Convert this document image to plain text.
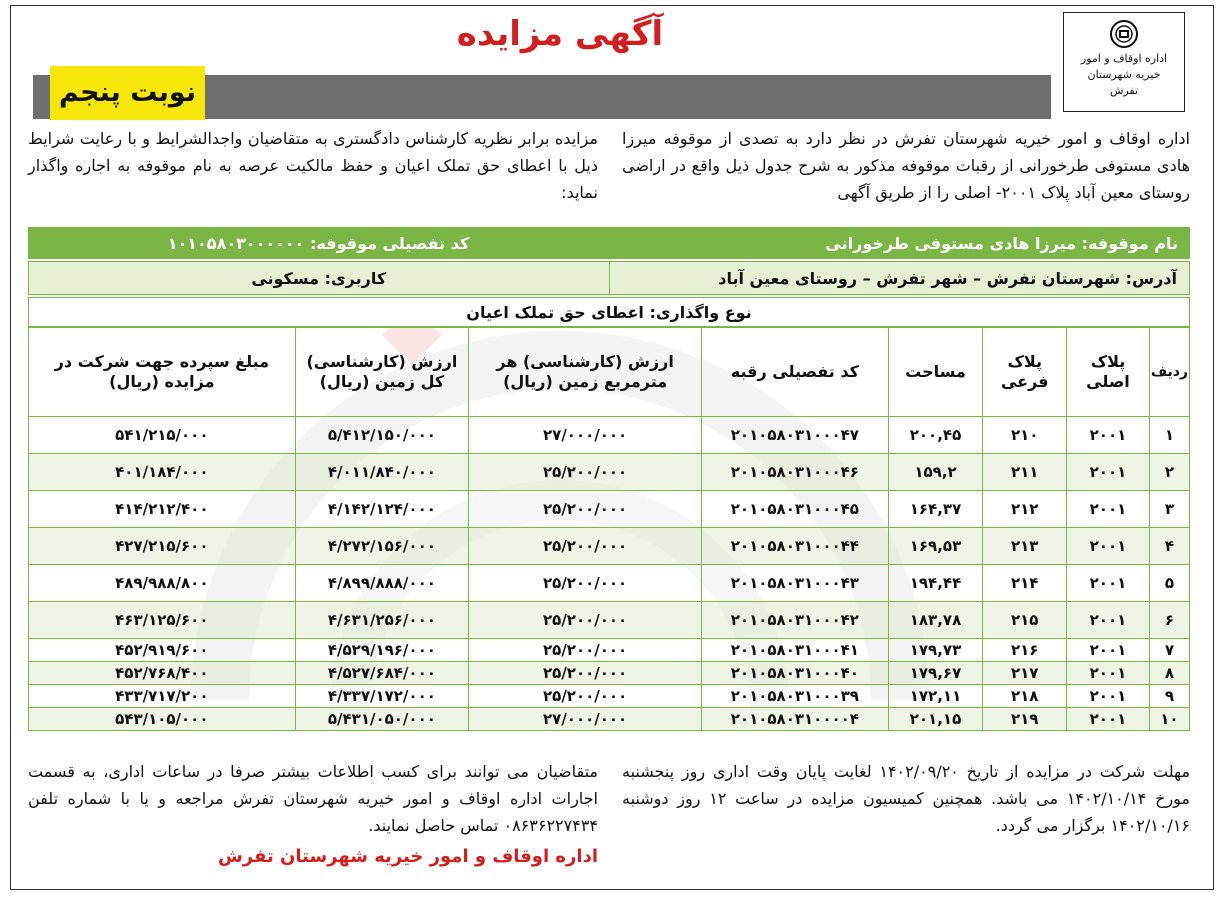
اداره اوقاف و امور
خیریه شهرستان
تفرش
آگهی مزایده
نوبت پنجم
اداره اوقاف و امور خیریه شهرستان تفرش در نظر دارد به تصدی از موقوفه میرزا هادی مستوفی طرخورانی از رقبات موقوفه مذکور به شرح جدول ذیل واقع در اراضی روستای معین آباد پلاک ۲۰۰۱- اصلی را از طریق آگهی
مزایده برابر نظریه کارشناس دادگستری به متقاضیان واجدالشرایط و با رعایت شرایط ذیل با اعطای حق تملک اعیان و حفظ مالکیت عرصه به نام موقوفه به اجاره واگذار نماید:
نام موقوفه: میرزا هادی مستوفی طرخورانی
کد تفصیلی موقوفه: ۱۰۱۰۵۸۰۳۰۰۰۰۰۰
آدرس: شهرستان تفرش – شهر تفرش – روستای معین آباد
کاربری: مسکونی
نوع واگذاری: اعطای حق تملک اعیان
ردیف	پلاک اصلی	پلاک فرعی	مساحت	کد تفصیلی رقبه	ارزش (کارشناسی) هر مترمربع زمین (ریال)	ارزش (کارشناسی) کل زمین (ریال)	مبلغ سپرده جهت شرکت در مزایده (ریال)
۱	۲۰۰۱	۲۱۰	۲۰۰,۴۵	۲۰۱۰۵۸۰۳۱۰۰۰۴۷	۲۷/۰۰۰/۰۰۰	۵/۴۱۲/۱۵۰/۰۰۰	۵۴۱/۲۱۵/۰۰۰
۲	۲۰۰۱	۲۱۱	۱۵۹,۲	۲۰۱۰۵۸۰۳۱۰۰۰۴۶	۲۵/۲۰۰/۰۰۰	۴/۰۱۱/۸۴۰/۰۰۰	۴۰۱/۱۸۴/۰۰۰
۳	۲۰۰۱	۲۱۲	۱۶۴,۳۷	۲۰۱۰۵۸۰۳۱۰۰۰۴۵	۲۵/۲۰۰/۰۰۰	۴/۱۴۲/۱۲۴/۰۰۰	۴۱۴/۲۱۲/۴۰۰
۴	۲۰۰۱	۲۱۳	۱۶۹,۵۳	۲۰۱۰۵۸۰۳۱۰۰۰۴۴	۲۵/۲۰۰/۰۰۰	۴/۲۷۲/۱۵۶/۰۰۰	۴۲۷/۲۱۵/۶۰۰
۵	۲۰۰۱	۲۱۴	۱۹۴,۴۴	۲۰۱۰۵۸۰۳۱۰۰۰۴۳	۲۵/۲۰۰/۰۰۰	۴/۸۹۹/۸۸۸/۰۰۰	۴۸۹/۹۸۸/۸۰۰
۶	۲۰۰۱	۲۱۵	۱۸۳,۷۸	۲۰۱۰۵۸۰۳۱۰۰۰۴۲	۲۵/۲۰۰/۰۰۰	۴/۶۳۱/۲۵۶/۰۰۰	۴۶۳/۱۲۵/۶۰۰
۷	۲۰۰۱	۲۱۶	۱۷۹,۷۳	۲۰۱۰۵۸۰۳۱۰۰۰۴۱	۲۵/۲۰۰/۰۰۰	۴/۵۲۹/۱۹۶/۰۰۰	۴۵۲/۹۱۹/۶۰۰
۸	۲۰۰۱	۲۱۷	۱۷۹,۶۷	۲۰۱۰۵۸۰۳۱۰۰۰۴۰	۲۵/۲۰۰/۰۰۰	۴/۵۲۷/۶۸۴/۰۰۰	۴۵۲/۷۶۸/۴۰۰
۹	۲۰۰۱	۲۱۸	۱۷۲,۱۱	۲۰۱۰۵۸۰۳۱۰۰۰۳۹	۲۵/۲۰۰/۰۰۰	۴/۳۳۷/۱۷۲/۰۰۰	۴۳۳/۷۱۷/۲۰۰
۱۰	۲۰۰۱	۲۱۹	۲۰۱,۱۵	۲۰۱۰۵۸۰۳۱۰۰۰۰۴	۲۷/۰۰۰/۰۰۰	۵/۴۳۱/۰۵۰/۰۰۰	۵۴۳/۱۰۵/۰۰۰
مهلت شرکت در مزایده از تاریخ ۱۴۰۲/۰۹/۲۰ لغایت پایان وقت اداری روز پنجشنبه مورخ ۱۴۰۲/۱۰/۱۴ می باشد. همچنین کمیسیون مزایده در ساعت ۱۲ روز دوشنبه ۱۴۰۲/۱۰/۱۶ برگزار می گردد.
متقاضیان می توانند برای کسب اطلاعات بیشتر صرفا در ساعات اداری، به قسمت اجارات اداره اوقاف و امور خیریه شهرستان تفرش مراجعه و یا با شماره تلفن ۰۸۶۳۶۲۲۷۴۳۴ تماس حاصل نمایند.
اداره اوقاف و امور خیریه شهرستان تفرش
